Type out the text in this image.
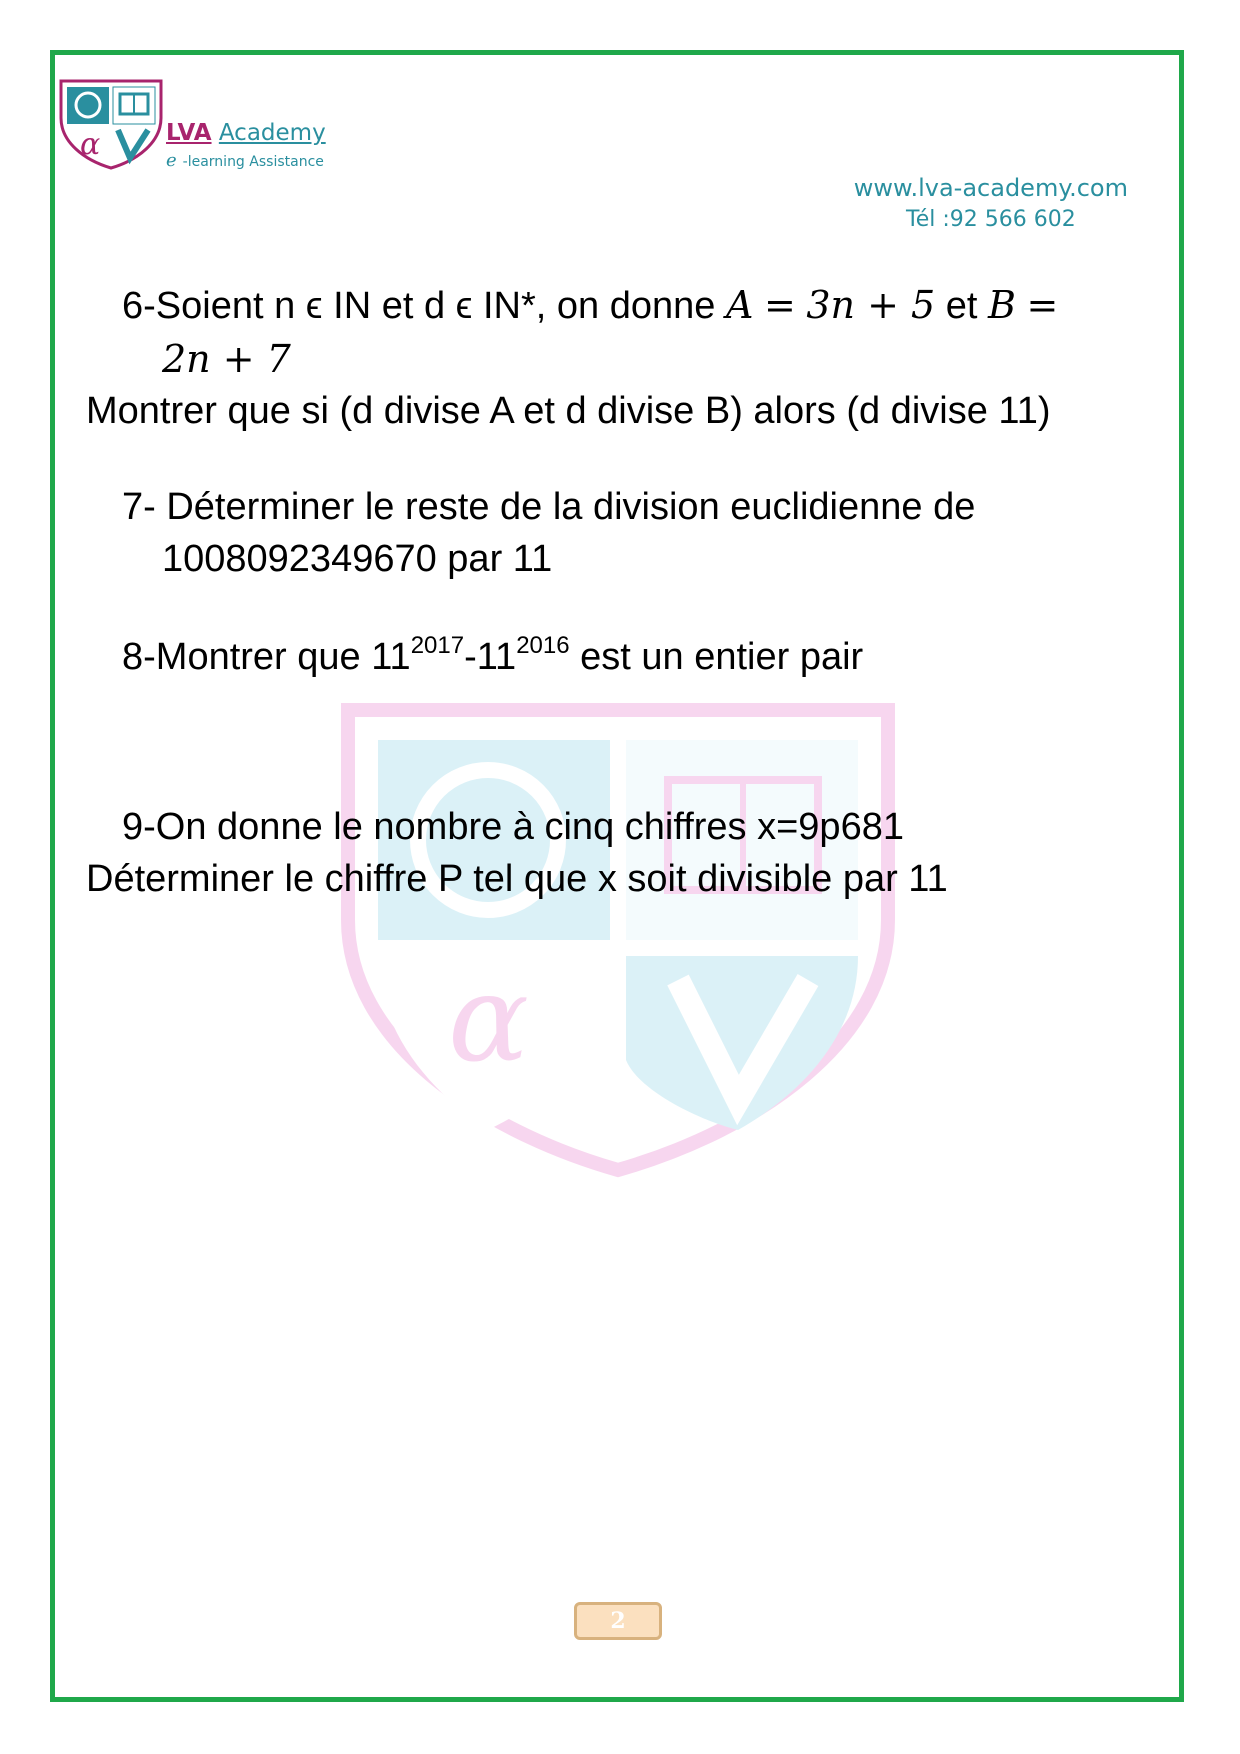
α	LVA Academy
e -learning Assistance
www.lva-academy.com
Tél :92 566 602
α
6-Soient n ϵ IN et d ϵ IN*, on donne A = 3n + 5 et B =
2n + 7
Montrer que si (d divise A et d divise B) alors (d divise 11)
7- Déterminer le reste de la division euclidienne de
1008092349670 par 11
8-Montrer que $11^{2017}-11^{2016}$ est un entier pair
9-On donne le nombre à cinq chiffres x=9p681
Déterminer le chiffre P tel que x soit divisible par 11
2
